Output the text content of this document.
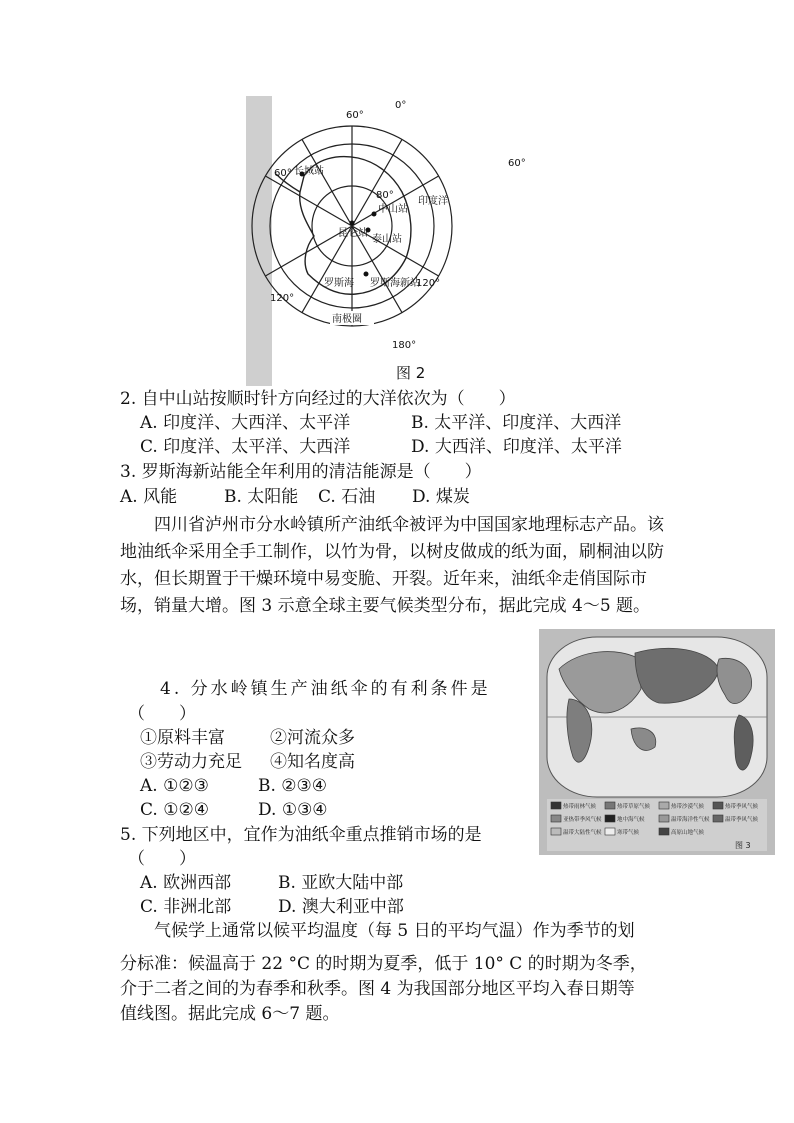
0°
60°
60°
60°
80°
120°
120°
180°
长城站
中山站
昆仑站
泰山站
印度洋
罗斯海 罗斯海新站
南极圈
图 2
2. 自中山站按顺时针方向经过的大洋依次为（　　）
A. 印度洋、大西洋、太平洋	B. 太平洋、印度洋、大西洋
C. 印度洋、太平洋、大西洋	D. 大西洋、印度洋、太平洋
3. 罗斯海新站能全年利用的清洁能源是（　　）
A. 风能	B. 太阳能 C. 石油 D. 煤炭
四川省泸州市分水岭镇所产油纸伞被评为中国国家地理标志产品。该地油纸伞采用全手工制作，以竹为骨，以树皮做成的纸为面，刷桐油以防水，但长期置于干燥环境中易变脆、开裂。近年来，油纸伞走俏国际市场，销量大增。图 3 示意全球主要气候类型分布，据此完成 4～5 题。
热带雨林气候	热带草原气候	热带沙漠气候	热带季风气候
亚热带季风气候	地中海气候	温带海洋性气候	温带季风气候
温带大陆性气候	寒带气候	高原山地气候
图 3
4. 分水岭镇生产油纸伞的有利条件是
（　　）
①原料丰富	②河流众多
③劳动力充足 ④知名度高
A. ①②③	B. ②③④
C. ①②④	D. ①③④
5. 下列地区中，宜作为油纸伞重点推销市场的是
（　　）
A. 欧洲西部	B. 亚欧大陆中部
C. 非洲北部	D. 澳大利亚中部
气候学上通常以候平均温度（每 5 日的平均气温）作为季节的划
分标准：候温高于 22 °C 的时期为夏季，低于 10° C 的时期为冬季，
介于二者之间的为春季和秋季。图 4 为我国部分地区平均入春日期等
值线图。据此完成 6～7 题。
